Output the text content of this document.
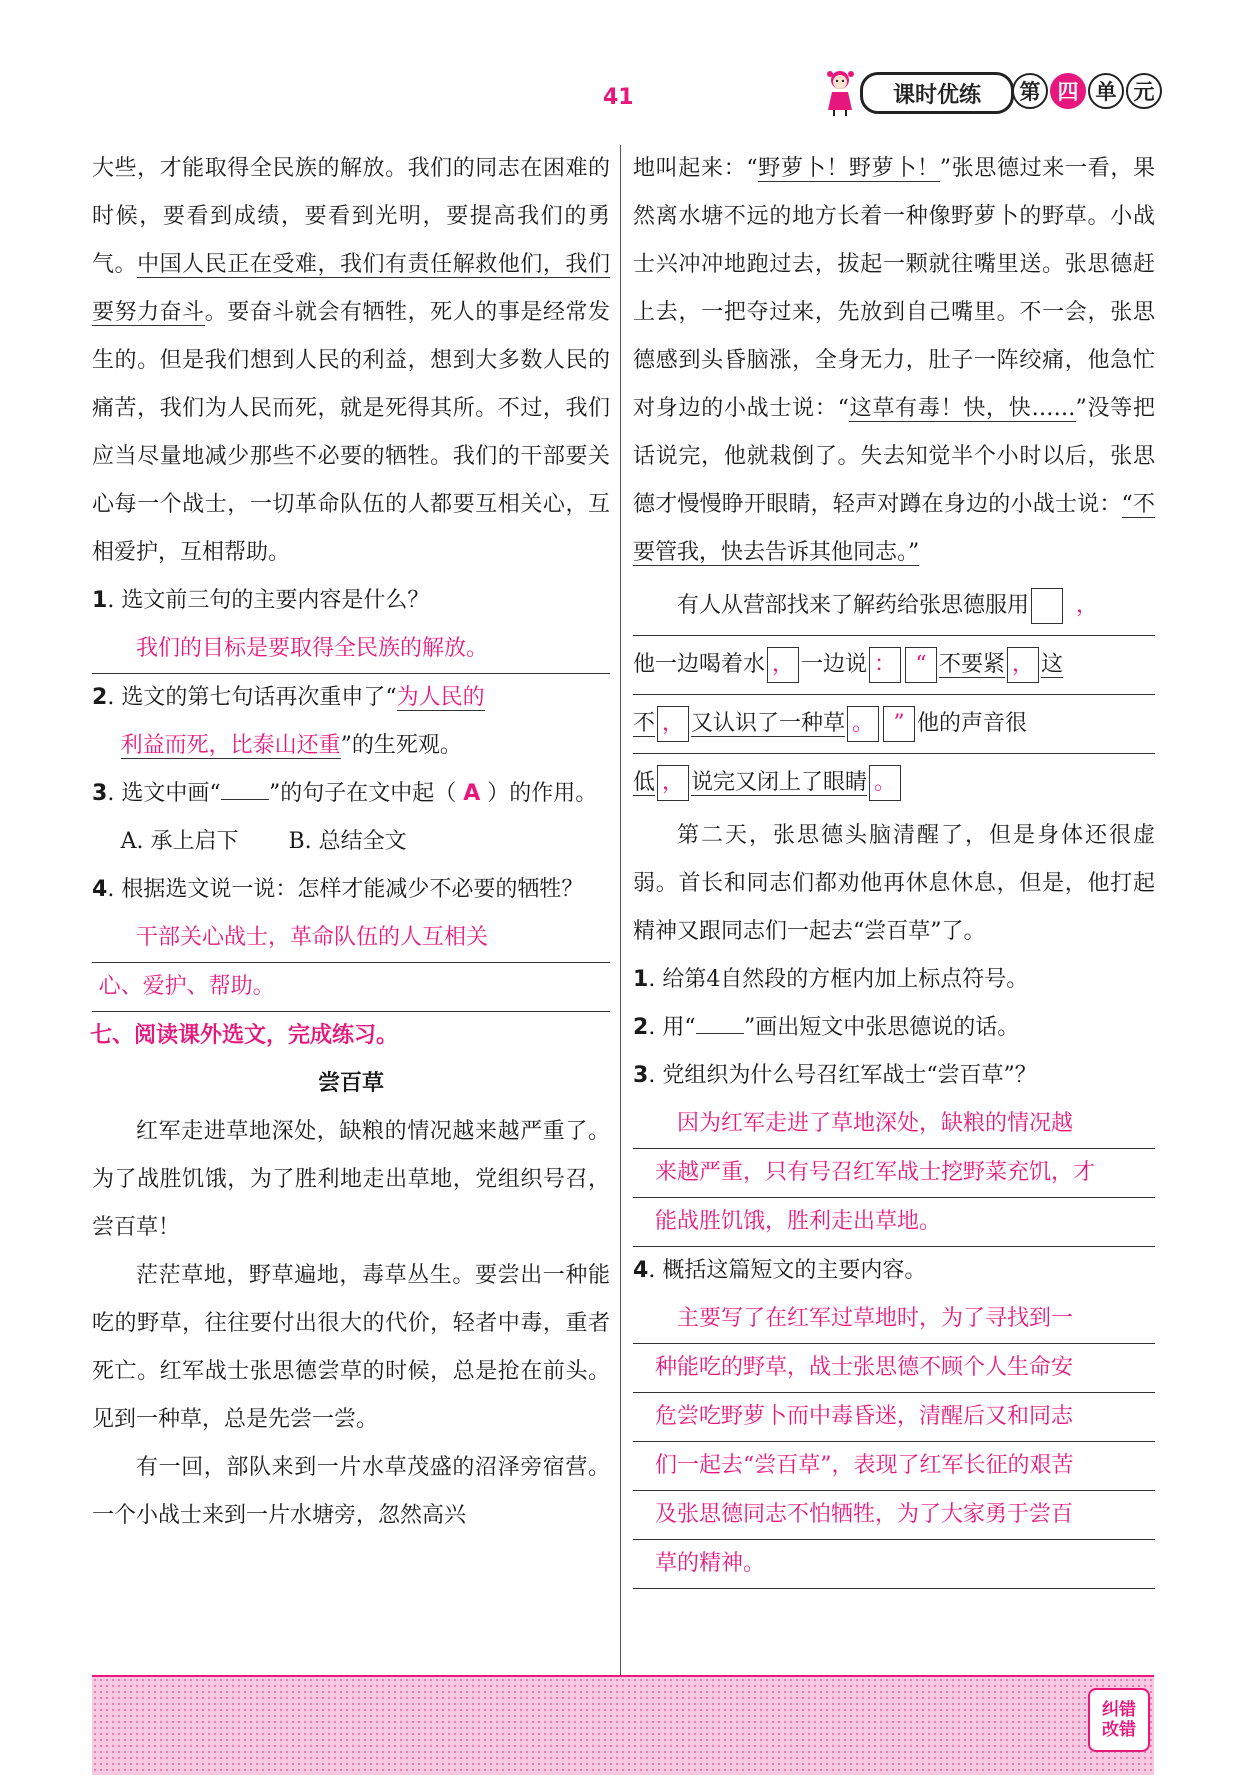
41	课时优练	第 四 单 元

大些，才能取得全民族的解放。我们的同志在困难的时候，要看到成绩，要看到光明，要提高我们的勇气。中国人民正在受难，我们有责任解救他们，我们要努力奋斗。要奋斗就会有牺牲，死人的事是经常发生的。但是我们想到人民的利益，想到大多数人民的痛苦，我们为人民而死，就是死得其所。不过，我们应当尽量地减少那些不必要的牺牲。我们的干部要关心每一个战士，一切革命队伍的人都要互相关心，互相爱护，互相帮助。

1. 选文前三句的主要内容是什么？

我们的目标是要取得全民族的解放。

2. 选文的第七句话再次重申了“为人民的

利益而死，比泰山还重”的生死观。

3. 选文中画“ ”的句子在文中起（ A ）的作用。

A. 承上启下 B. 总结全文

4. 根据选文说一说：怎样才能减少不必要的牺牲？

干部关心战士，革命队伍的人互相关

心、爱护、帮助。

七、阅读课外选文，完成练习。

尝百草

红军走进草地深处，缺粮的情况越来越严重了。为了战胜饥饿，为了胜利地走出草地，党组织号召，尝百草！

茫茫草地，野草遍地，毒草丛生。要尝出一种能吃的野草，往往要付出很大的代价，轻者中毒，重者死亡。红军战士张思德尝草的时候，总是抢在前头。见到一种草，总是先尝一尝。

有一回，部队来到一片水草茂盛的沼泽旁宿营。一个小战士来到一片水塘旁，忽然高兴

地叫起来：“野萝卜！野萝卜！”张思德过来一看，果然离水塘不远的地方长着一种像野萝卜的野草。小战士兴冲冲地跑过去，拔起一颗就往嘴里送。张思德赶上去，一把夺过来，先放到自己嘴里。不一会，张思德感到头昏脑涨，全身无力，肚子一阵绞痛，他急忙对身边的小战士说：“这草有毒！快，快……”没等把话说完，他就栽倒了。失去知觉半个小时以后，张思德才慢慢睁开眼睛，轻声对蹲在身边的小战士说：“不要管我，快去告诉其他同志。”

有人从营部找来了解药给张思德服用 ，

他一边喝着水 ， 一边说 ： “ 不要紧 ， 这

不 ， 又认识了一种草 。 ” 他的声音很

低 ， 说完又闭上了眼睛 。

第二天，张思德头脑清醒了，但是身体还很虚弱。首长和同志们都劝他再休息休息，但是，他打起精神又跟同志们一起去“尝百草”了。

1. 给第4自然段的方框内加上标点符号。

2. 用“ ”画出短文中张思德说的话。

3. 党组织为什么号召红军战士“尝百草”？

因为红军走进了草地深处，缺粮的情况越

来越严重，只有号召红军战士挖野菜充饥，才

能战胜饥饿，胜利走出草地。

4. 概括这篇短文的主要内容。

主要写了在红军过草地时，为了寻找到一

种能吃的野草，战士张思德不顾个人生命安

危尝吃野萝卜而中毒昏迷，清醒后又和同志

们一起去“尝百草”，表现了红军长征的艰苦

及张思德同志不怕牺牲，为了大家勇于尝百

草的精神。

纠错
改错
